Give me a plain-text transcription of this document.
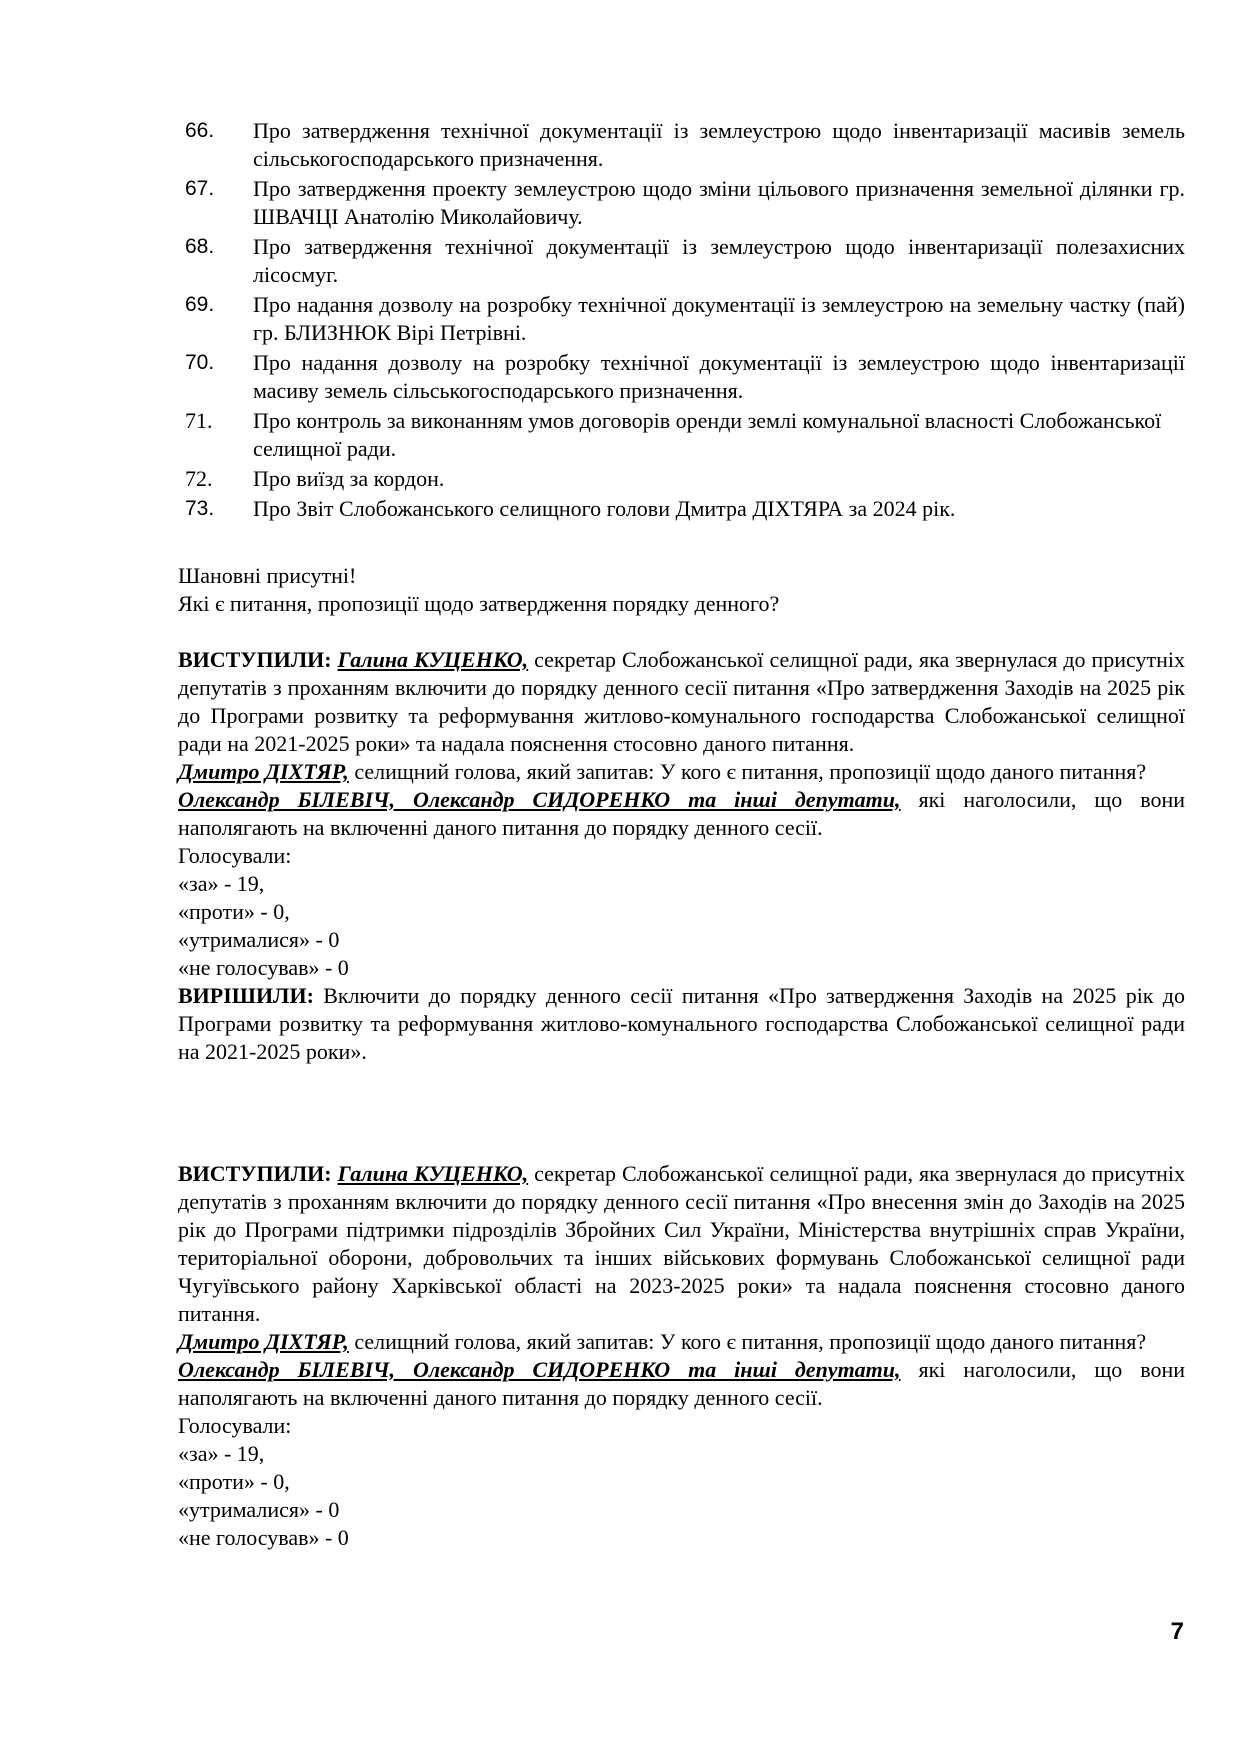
66.	Про затвердження технічної документації із землеустрою щодо інвентаризації масивів земель сільськогосподарського призначення.
67.	Про затвердження проекту землеустрою щодо зміни цільового призначення земельної ділянки гр. ШВАЧЦІ Анатолію Миколайовичу.
68.	Про затвердження технічної документації із землеустрою щодо інвентаризації полезахисних лісосмуг.
69.	Про надання дозволу на розробку технічної документації із землеустрою на земельну частку (пай) гр. БЛИЗНЮК Вірі Петрівні.
70.	Про надання дозволу на розробку технічної документації із землеустрою щодо інвентаризації масиву земель сільськогосподарського призначення.
71.	Про контроль за виконанням умов договорів оренди землі комунальної власності Слобожанської селищної ради.
72.	Про виїзд за кордон.
73.	Про Звіт Слобожанського селищного голови Дмитра ДІХТЯРА за 2024 рік.
Шановні присутні!
Які є питання, пропозиції щодо затвердження порядку денного?
ВИСТУПИЛИ: Галина КУЦЕНКО, секретар Слобожанської селищної ради, яка звернулася до присутніх депутатів з проханням включити до порядку денного сесії питання «Про затвердження Заходів на 2025 рік до Програми розвитку та реформування житлово-комунального господарства Слобожанської селищної ради на 2021-2025 роки» та надала пояснення стосовно даного питання.
Дмитро ДІХТЯР, селищний голова, який запитав: У кого є питання, пропозиції щодо даного питання?
Олександр БІЛЕВІЧ, Олександр СИДОРЕНКО та інші депутати, які наголосили, що вони наполягають на включенні даного питання до порядку денного сесії.
Голосували:
«за» - 19,
«проти» - 0,
«утрималися» - 0
«не голосував» - 0
ВИРІШИЛИ: Включити до порядку денного сесії питання «Про затвердження Заходів на 2025 рік до Програми розвитку та реформування житлово-комунального господарства Слобожанської селищної ради на 2021-2025 роки».
ВИСТУПИЛИ: Галина КУЦЕНКО, секретар Слобожанської селищної ради, яка звернулася до присутніх депутатів з проханням включити до порядку денного сесії питання «Про внесення змін до Заходів на 2025 рік до Програми підтримки підрозділів Збройних Сил України, Міністерства внутрішніх справ України, територіальної оборони, добровольчих та інших військових формувань Слобожанської селищної ради Чугуївського району Харківської області на 2023-2025 роки» та надала пояснення стосовно даного питання.
Дмитро ДІХТЯР, селищний голова, який запитав: У кого є питання, пропозиції щодо даного питання?
Олександр БІЛЕВІЧ, Олександр СИДОРЕНКО та інші депутати, які наголосили, що вони наполягають на включенні даного питання до порядку денного сесії.
Голосували:
«за» - 19,
«проти» - 0,
«утрималися» - 0
«не голосував» - 0
7
